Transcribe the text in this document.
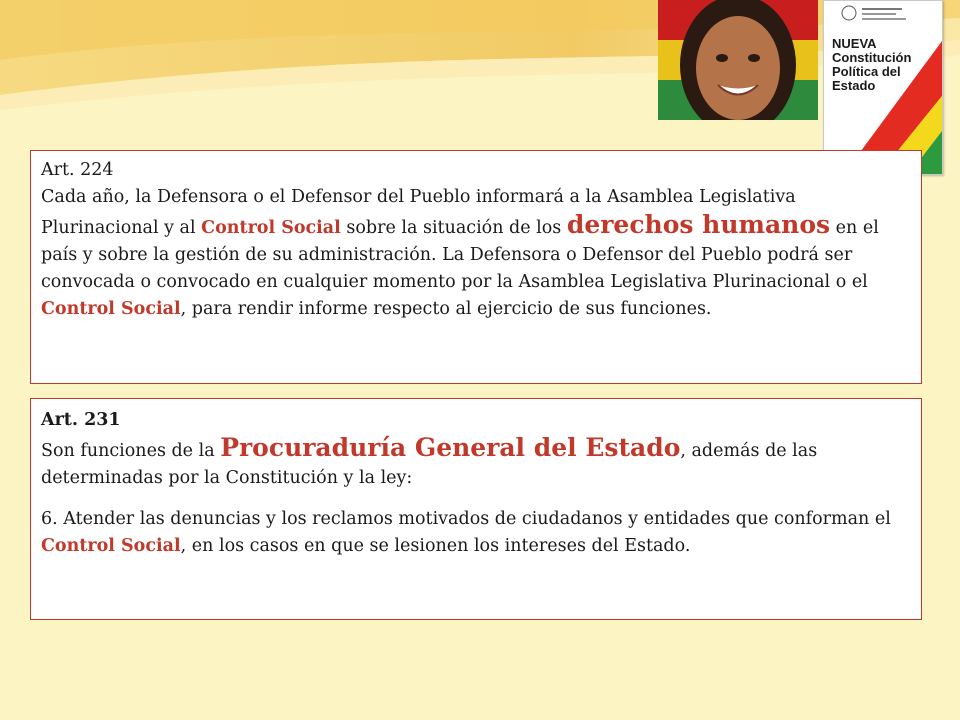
NUEVA
Constitución
Política del
Estado

Art. 224

Cada año, la Defensora o el Defensor del Pueblo informará a la Asamblea Legislativa Plurinacional y al Control Social sobre la situación de los derechos humanos en el país y sobre la gestión de su administración. La Defensora o Defensor del Pueblo podrá ser convocada o convocado en cualquier momento por la Asamblea Legislativa Plurinacional o el Control Social, para rendir informe respecto al ejercicio de sus funciones.

Art. 231

Son funciones de la Procuraduría General del Estado, además de las determinadas por la Constitución y la ley:

6. Atender las denuncias y los reclamos motivados de ciudadanos y entidades que conforman el Control Social, en los casos en que se lesionen los intereses del Estado.
